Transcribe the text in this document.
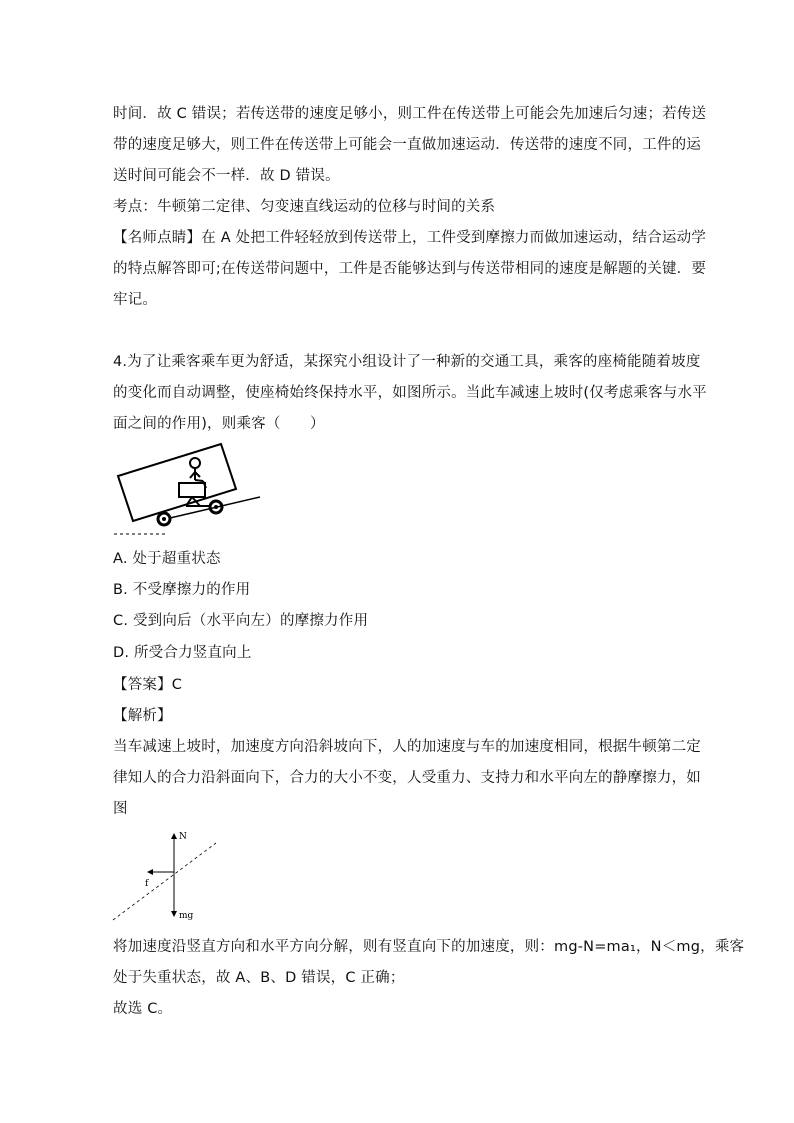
时间．故 C 错误；若传送带的速度足够小，则工件在传送带上可能会先加速后匀速；若传送
带的速度足够大，则工件在传送带上可能会一直做加速运动．传送带的速度不同，工件的运
送时间可能会不一样．故 D 错误。
考点：牛顿第二定律、匀变速直线运动的位移与时间的关系
【名师点睛】在 A 处把工件轻轻放到传送带上，工件受到摩擦力而做加速运动，结合运动学
的特点解答即可;在传送带问题中，工件是否能够达到与传送带相同的速度是解题的关键．要
牢记。
4.为了让乘客乘车更为舒适，某探究小组设计了一种新的交通工具，乘客的座椅能随着坡度
的变化而自动调整，使座椅始终保持水平，如图所示。当此车减速上坡时(仅考虑乘客与水平
面之间的作用)，则乘客（　　）
A. 处于超重状态
B. 不受摩擦力的作用
C. 受到向后（水平向左）的摩擦力作用
D. 所受合力竖直向上
【答案】C
【解析】
当车减速上坡时，加速度方向沿斜坡向下，人的加速度与车的加速度相同，根据牛顿第二定
律知人的合力沿斜面向下，合力的大小不变，人受重力、支持力和水平向左的静摩擦力，如
图
N
f
mg
将加速度沿竖直方向和水平方向分解，则有竖直向下的加速度，则：mg-N=ma₁，N＜mg，乘客
处于失重状态，故 A、B、D 错误，C 正确；
故选 C。
